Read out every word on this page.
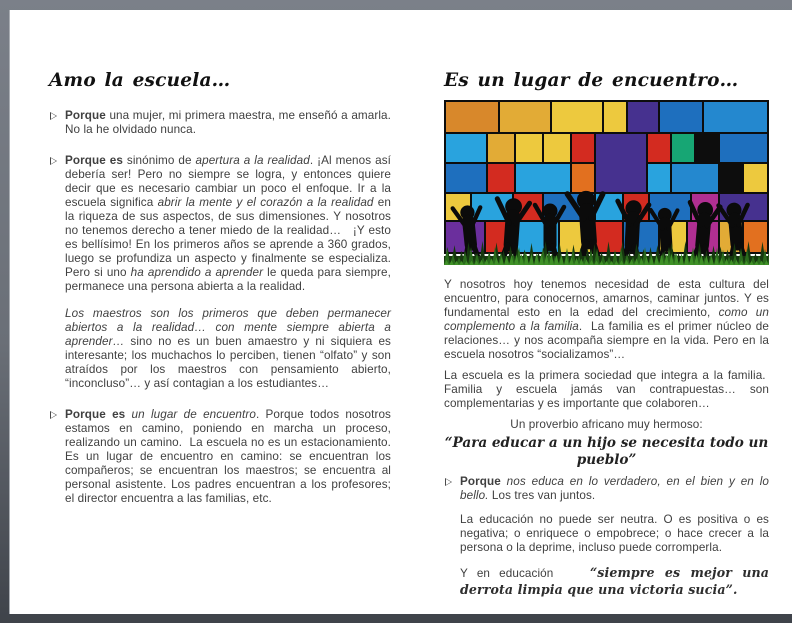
Amo la escuela…

Porque una mujer, mi primera maestra, me enseñó a amarla. No la he olvidado nunca.

Porque es sinónimo de apertura a la realidad. ¡Al menos así debería ser! Pero no siempre se logra, y entonces quiere decir que es necesario cambiar un poco el enfoque. Ir a la escuela significa abrir la mente y el corazón a la realidad en la riqueza de sus aspectos, de sus dimensiones. Y nosotros no tenemos derecho a tener miedo de la realidad…   ¡Y esto es bellísimo! En los primeros años se aprende a 360 grados, luego se profundiza un aspecto y finalmente se especializa. Pero si uno ha aprendido a aprender le queda para siempre, permanece una persona abierta a la realidad.

Los maestros son los primeros que deben permanecer abiertos a la realidad… con mente siempre abierta a aprender… sino no es un buen amaestro y ni siquiera es interesante; los muchachos lo perciben, tienen “olfato” y son atraídos por los maestros con pensamiento abierto, “inconcluso”… y así contagian a los estudiantes…

Porque es un lugar de encuentro. Porque todos nosotros estamos en camino, poniendo en marcha un proceso, realizando un camino.  La escuela no es un estacionamiento. Es un lugar de encuentro en camino: se encuentran los compañeros; se encuentran los maestros; se encuentra al personal asistente. Los padres encuentran a los profesores; el director encuentra a las familias, etc.

Es un lugar de encuentro…

Y nosotros hoy tenemos necesidad de esta cultura del encuentro, para conocernos, amarnos, caminar juntos. Y es fundamental esto en la edad del crecimiento, como un complemento a la familia.  La familia es el primer núcleo de relaciones… y nos acompaña siempre en la vida. Pero en la escuela nosotros “socializamos”…

La escuela es la primera sociedad que integra a la familia.  Familia y escuela jamás van contrapuestas… son complementarias y es importante que colaboren…

Un proverbio africano muy hermoso:

“Para educar a un hijo se necesita todo un pueblo”

Porque nos educa en lo verdadero, en el bien y en lo bello. Los tres van juntos.

La educación no puede ser neutra. O es positiva o es negativa; o enriquece o empobrece; o hace crecer a la persona o la deprime, incluso puede corromperla.

Y en educación    “siempre es mejor una derrota limpia que una victoria sucia”.
